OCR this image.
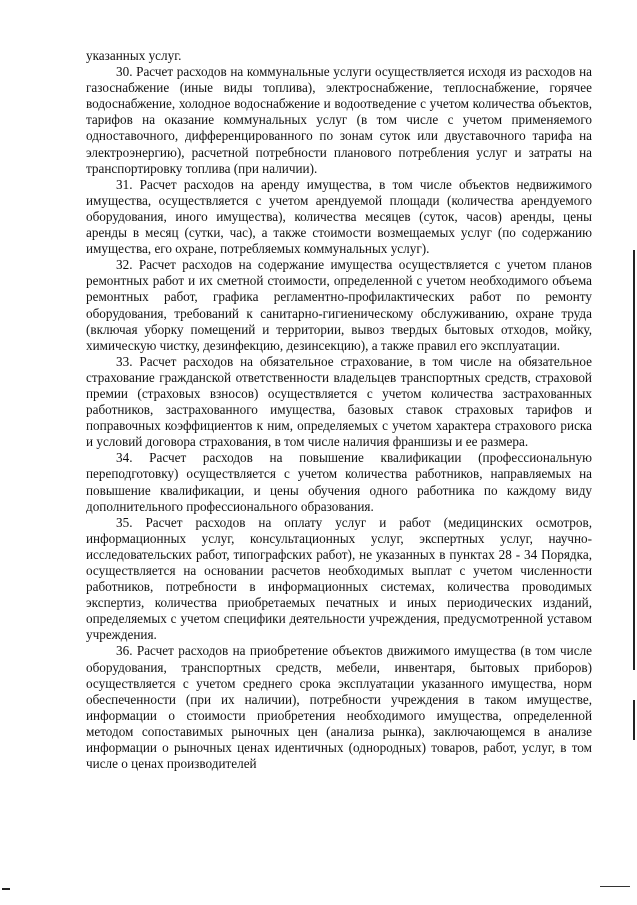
указанных услуг.

30. Расчет расходов на коммунальные услуги осуществляется исходя из расходов на газоснабжение (иные виды топлива), электроснабжение, теплоснабжение, горячее водоснабжение, холодное водоснабжение и водоотведение с учетом количества объектов, тарифов на оказание коммунальных услуг (в том числе с учетом применяемого одноставочного, дифференцированного по зонам суток или двуставочного тарифа на электроэнергию), расчетной потребности планового потребления услуг и затраты на транспортировку топлива (при наличии).

31. Расчет расходов на аренду имущества, в том числе объектов недвижимого имущества, осуществляется с учетом арендуемой площади (количества арендуемого оборудования, иного имущества), количества месяцев (суток, часов) аренды, цены аренды в месяц (сутки, час), а также стоимости возмещаемых услуг (по содержанию имущества, его охране, потребляемых коммунальных услуг).

32. Расчет расходов на содержание имущества осуществляется с учетом планов ремонтных работ и их сметной стоимости, определенной с учетом необходимого объема ремонтных работ, графика регламентно-профилактических работ по ремонту оборудования, требований к санитарно-гигиеническому обслуживанию, охране труда (включая уборку помещений и территории, вывоз твердых бытовых отходов, мойку, химическую чистку, дезинфекцию, дезинсекцию), а также правил его эксплуатации.

33. Расчет расходов на обязательное страхование, в том числе на обязательное страхование гражданской ответственности владельцев транспортных средств, страховой премии (страховых взносов) осуществляется с учетом количества застрахованных работников, застрахованного имущества, базовых ставок страховых тарифов и поправочных коэффициентов к ним, определяемых с учетом характера страхового риска и условий договора страхования, в том числе наличия франшизы и ее размера.

34. Расчет расходов на повышение квалификации (профессиональную переподготовку) осуществляется с учетом количества работников, направляемых на повышение квалификации, и цены обучения одного работника по каждому виду дополнительного профессионального образования.

35. Расчет расходов на оплату услуг и работ (медицинских осмотров, информационных услуг, консультационных услуг, экспертных услуг, научно-исследовательских работ, типографских работ), не указанных в пунктах 28 - 34 Порядка, осуществляется на основании расчетов необходимых выплат с учетом численности работников, потребности в информационных системах, количества проводимых экспертиз, количества приобретаемых печатных и иных периодических изданий, определяемых с учетом специфики деятельности учреждения, предусмотренной уставом учреждения.

36. Расчет расходов на приобретение объектов движимого имущества (в том числе оборудования, транспортных средств, мебели, инвентаря, бытовых приборов) осуществляется с учетом среднего срока эксплуатации указанного имущества, норм обеспеченности (при их наличии), потребности учреждения в таком имуществе, информации о стоимости приобретения необходимого имущества, определенной методом сопоставимых рыночных цен (анализа рынка), заключающемся в анализе информации о рыночных ценах идентичных (однородных) товаров, работ, услуг, в том числе о ценах производителей
